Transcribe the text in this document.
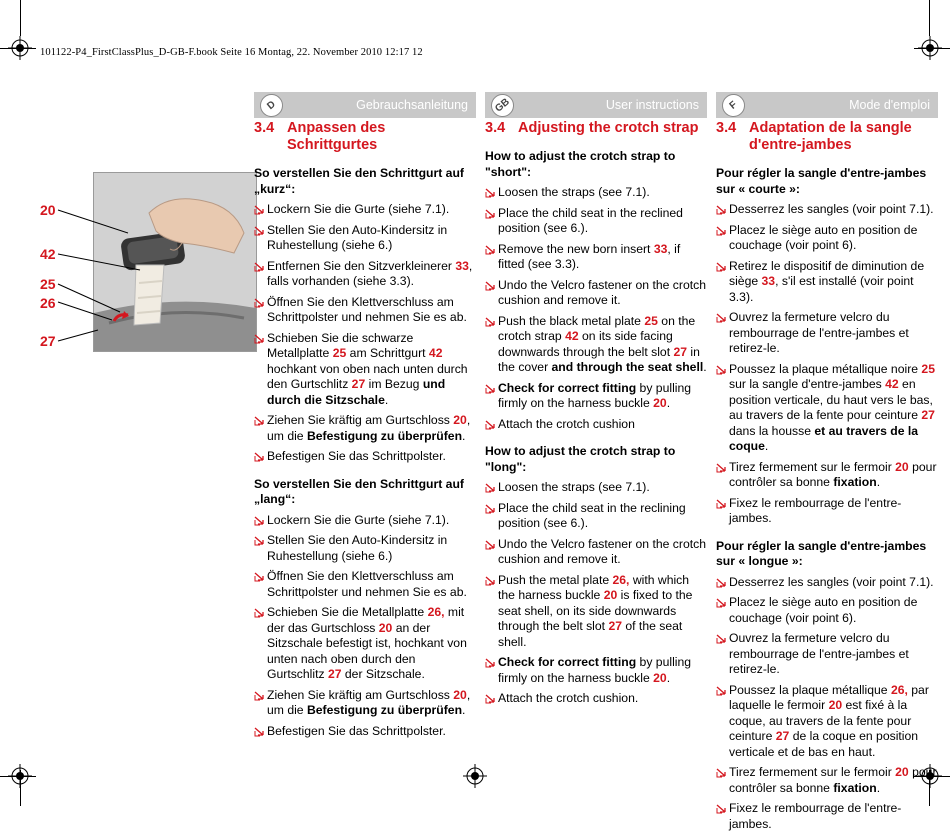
101122-P4_FirstClassPlus_D-GB-F.book Seite 16 Montag, 22. November 2010 12:17 12
20
42
25
26
27
D	Gebrauchsanleitung
3.4 Anpassen des Schrittgurtes
So verstellen Sie den Schrittgurt auf „kurz“:
Lockern Sie die Gurte (siehe 7.1).
Stellen Sie den Auto-Kindersitz in Ruhestellung (siehe 6.)
Entfernen Sie den Sitzverkleinerer 33, falls vorhanden (siehe 3.3).
Öffnen Sie den Klettverschluss am Schrittpolster und nehmen Sie es ab.
Schieben Sie die schwarze Metallplatte 25 am Schrittgurt 42 hochkant von oben nach unten durch den Gurtschlitz 27 im Bezug und durch die Sitzschale.
Ziehen Sie kräftig am Gurtschloss 20, um die Befestigung zu überprüfen.
Befestigen Sie das Schrittpolster.
So verstellen Sie den Schrittgurt auf „lang“:
Lockern Sie die Gurte (siehe 7.1).
Stellen Sie den Auto-Kindersitz in Ruhestellung (siehe 6.)
Öffnen Sie den Klettverschluss am Schrittpolster und nehmen Sie es ab.
Schieben Sie die Metallplatte 26, mit der das Gurtschloss 20 an der Sitzschale befestigt ist, hochkant von unten nach oben durch den Gurtschlitz 27 der Sitzschale.
Ziehen Sie kräftig am Gurtschloss 20, um die Befestigung zu überprüfen.
Befestigen Sie das Schrittpolster.
GB	User instructions
3.4 Adjusting the crotch strap
How to adjust the crotch strap to "short":
Loosen the straps (see 7.1).
Place the child seat in the reclined position (see 6.).
Remove the new born insert 33, if fitted (see 3.3).
Undo the Velcro fastener on the crotch cushion and remove it.
Push the black metal plate 25 on the crotch strap 42 on its side facing downwards through the belt slot 27 in the cover and through the seat shell.
Check for correct fitting by pulling firmly on the harness buckle 20.
Attach the crotch cushion
How to adjust the crotch strap to "long":
Loosen the straps (see 7.1).
Place the child seat in the reclining position (see 6.).
Undo the Velcro fastener on the crotch cushion and remove it.
Push the metal plate 26, with which the harness buckle 20 is fixed to the seat shell, on its side downwards through the belt slot 27 of the seat shell.
Check for correct fitting by pulling firmly on the harness buckle 20.
Attach the crotch cushion.
F	Mode d'emploi
3.4 Adaptation de la sangle d'entre-jambes
Pour régler la sangle d'entre-jambes sur « courte »:
Desserrez les sangles (voir point 7.1).
Placez le siège auto en position de couchage (voir point 6).
Retirez le dispositif de diminution de siège 33, s'il est installé (voir point 3.3).
Ouvrez la fermeture velcro du rembourrage de l'entre-jambes et retirez-le.
Poussez la plaque métallique noire 25 sur la sangle d'entre-jambes 42 en position verticale, du haut vers le bas, au travers de la fente pour ceinture 27 dans la housse et au travers de la coque.
Tirez fermement sur le fermoir 20 pour contrôler sa bonne fixation.
Fixez le rembourrage de l'entre-jambes.
Pour régler la sangle d'entre-jambes sur « longue »:
Desserrez les sangles (voir point 7.1).
Placez le siège auto en position de couchage (voir point 6).
Ouvrez la fermeture velcro du rembourrage de l'entre-jambes et retirez-le.
Poussez la plaque métallique 26, par laquelle le fermoir 20 est fixé à la coque, au travers de la fente pour ceinture 27 de la coque en position verticale et de bas en haut.
Tirez fermement sur le fermoir 20 pour contrôler sa bonne fixation.
Fixez le rembourrage de l'entre-jambes.
